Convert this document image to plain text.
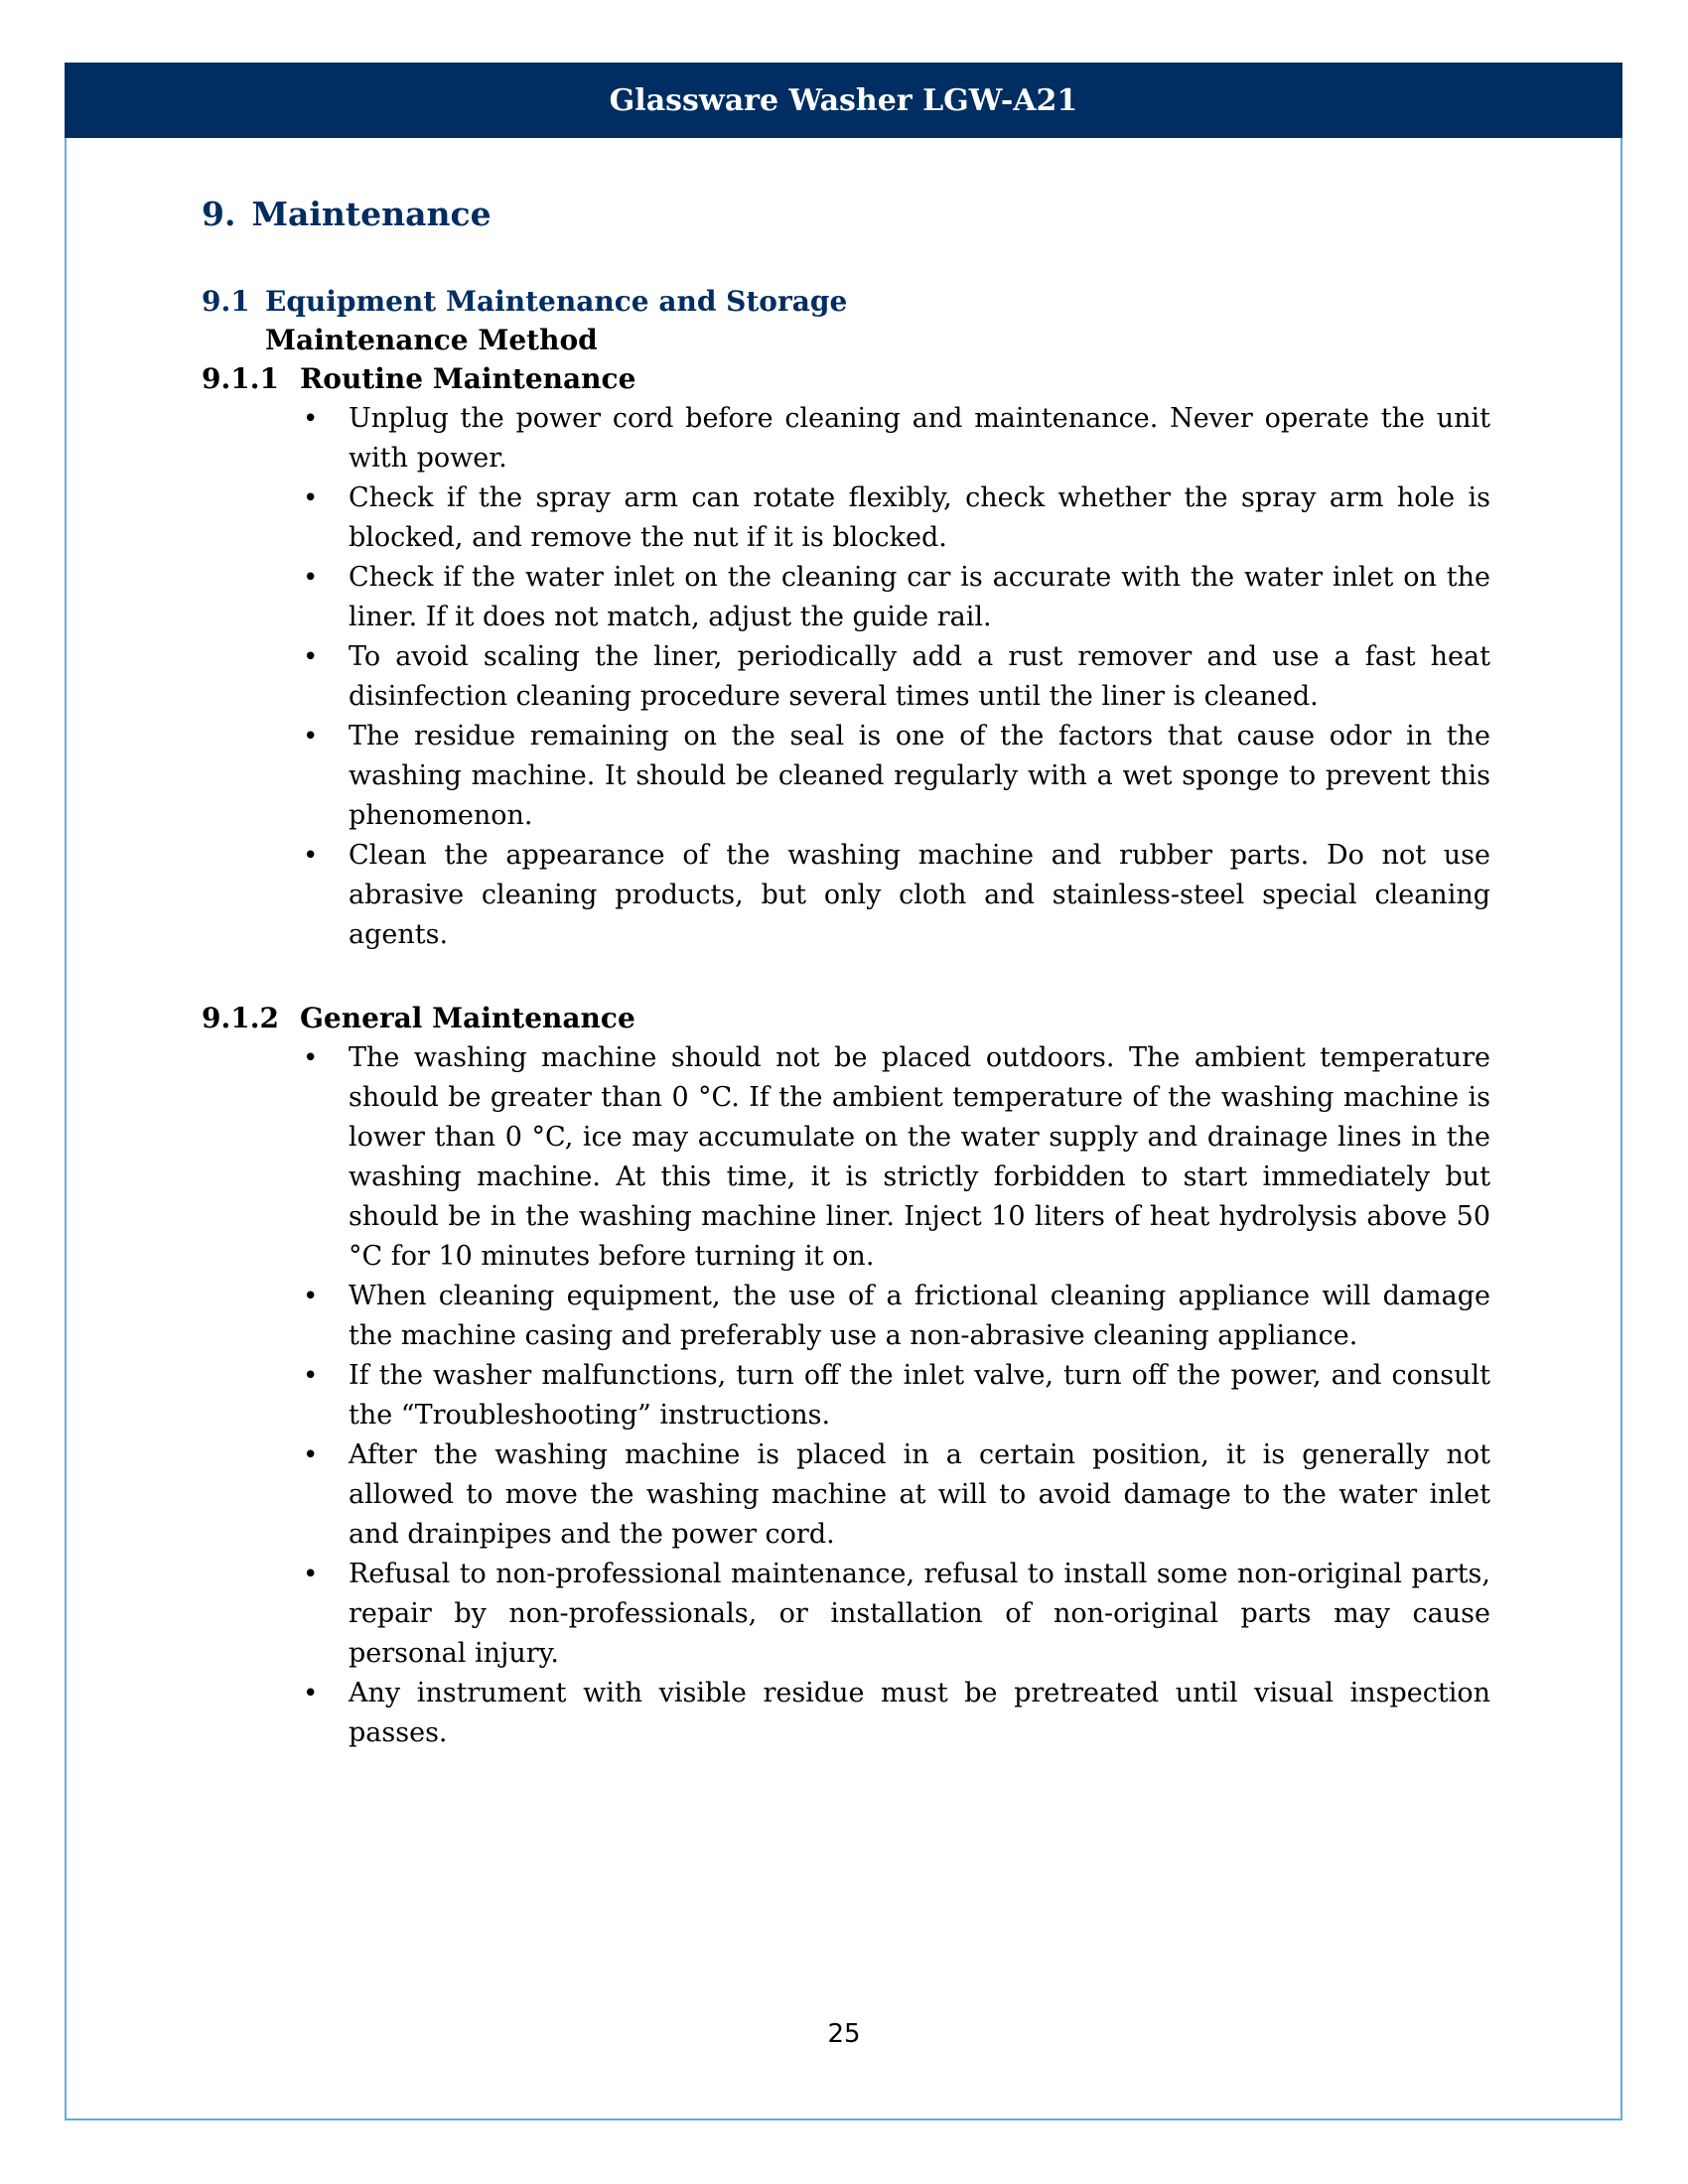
Glassware Washer LGW-A21
9. Maintenance
9.1 Equipment Maintenance and Storage
Maintenance Method
9.1.1 Routine Maintenance
• Unplug the power cord before cleaning and maintenance. Never operate the unit with power.
• Check if the spray arm can rotate flexibly, check whether the spray arm hole is blocked, and remove the nut if it is blocked.
• Check if the water inlet on the cleaning car is accurate with the water inlet on the liner. If it does not match, adjust the guide rail.
• To avoid scaling the liner, periodically add a rust remover and use a fast heat disinfection cleaning procedure several times until the liner is cleaned.
• The residue remaining on the seal is one of the factors that cause odor in the washing machine. It should be cleaned regularly with a wet sponge to prevent this phenomenon.
• Clean the appearance of the washing machine and rubber parts. Do not use abrasive cleaning products, but only cloth and stainless-steel special cleaning agents.
9.1.2 General Maintenance
• The washing machine should not be placed outdoors. The ambient temperature should be greater than 0 °C. If the ambient temperature of the washing machine is lower than 0 °C, ice may accumulate on the water supply and drainage lines in the washing machine. At this time, it is strictly forbidden to start immediately but should be in the washing machine liner. Inject 10 liters of heat hydrolysis above 50 °C for 10 minutes before turning it on.
• When cleaning equipment, the use of a frictional cleaning appliance will damage the machine casing and preferably use a non-abrasive cleaning appliance.
• If the washer malfunctions, turn off the inlet valve, turn off the power, and consult the “Troubleshooting” instructions.
• After the washing machine is placed in a certain position, it is generally not allowed to move the washing machine at will to avoid damage to the water inlet and drainpipes and the power cord.
• Refusal to non-professional maintenance, refusal to install some non-original parts, repair by non-professionals, or installation of non-original parts may cause personal injury.
• Any instrument with visible residue must be pretreated until visual inspection passes.
25
